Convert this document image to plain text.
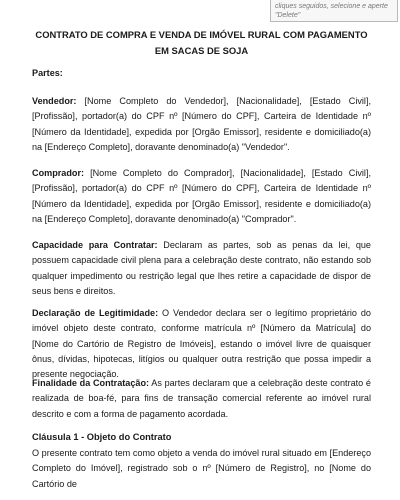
cliques seguidos, selecione e aperte "Delete"
CONTRATO DE COMPRA E VENDA DE IMÓVEL RURAL COM PAGAMENTO EM SACAS DE SOJA

Partes:

Vendedor: [Nome Completo do Vendedor], [Nacionalidade], [Estado Civil], [Profissão], portador(a) do CPF nº [Número do CPF], Carteira de Identidade nº [Número da Identidade], expedida por [Orgão Emissor], residente e domiciliado(a) na [Endereço Completo], doravante denominado(a) "Vendedor".

Comprador: [Nome Completo do Comprador], [Nacionalidade], [Estado Civil], [Profissão], portador(a) do CPF nº [Número do CPF], Carteira de Identidade nº [Número da Identidade], expedida por [Orgão Emissor], residente e domiciliado(a) na [Endereço Completo], doravante denominado(a) "Comprador".

Capacidade para Contratar: Declaram as partes, sob as penas da lei, que possuem capacidade civil plena para a celebração deste contrato, não estando sob qualquer impedimento ou restrição legal que lhes retire a capacidade de dispor de seus bens e direitos.

Declaração de Legitimidade: O Vendedor declara ser o legítimo proprietário do imóvel objeto deste contrato, conforme matrícula nº [Número da Matrícula] do [Nome do Cartório de Registro de Imóveis], estando o imóvel livre de quaisquer ônus, dívidas, hipotecas, litígios ou qualquer outra restrição que possa impedir a presente negociação.

Finalidade da Contratação: As partes declaram que a celebração deste contrato é realizada de boa-fé, para fins de transação comercial referente ao imóvel rural descrito e com a forma de pagamento acordada.

Cláusula 1 - Objeto do Contrato

O presente contrato tem como objeto a venda do imóvel rural situado em [Endereço Completo do Imóvel], registrado sob o nº [Número de Registro], no [Nome do Cartório de
